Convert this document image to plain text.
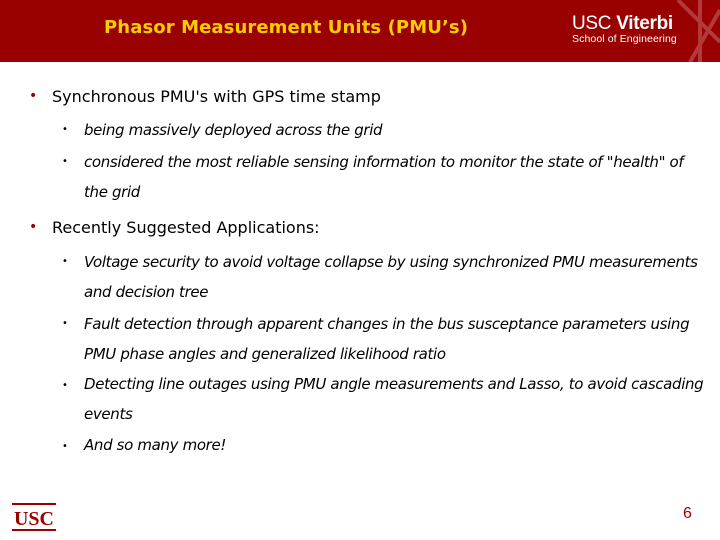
Phasor Measurement Units (PMU’s)	USC Viterbi
School of Engineering
• Synchronous PMU's with GPS time stamp
• being massively deployed across the grid
• considered the most reliable sensing information to monitor the state of "health" of the grid
• Recently Suggested Applications:
• Voltage security to avoid voltage collapse by using synchronized PMU measurements and decision tree
• Fault detection through apparent changes in the bus susceptance parameters using PMU phase angles and generalized likelihood ratio
• Detecting line outages using PMU angle measurements and Lasso, to avoid cascading events
• And so many more!
USC	6
